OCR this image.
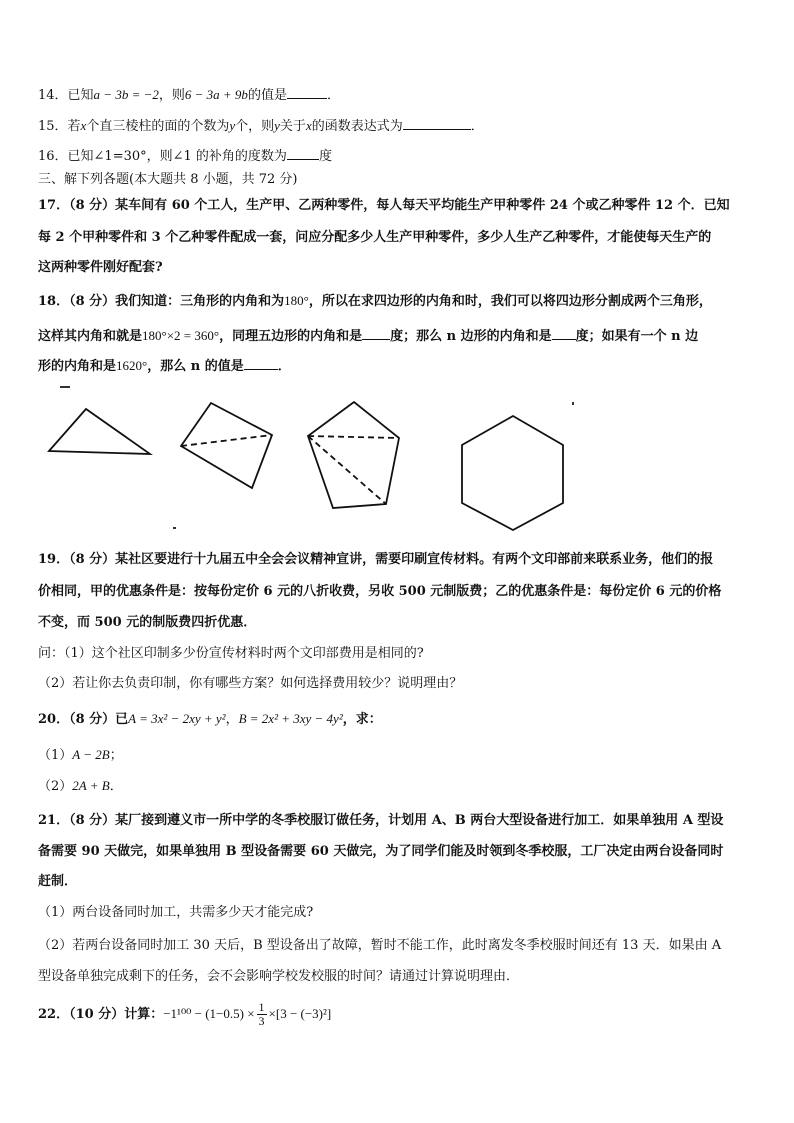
14．已知a − 3b = −2，则6 − 3a + 9b的值是	．
15．若x个直三棱柱的面的个数为y个，则y关于x的函数表达式为	．
16．已知∠1=30°，则∠1 的补角的度数为 度
三、解下列各题(本大题共 8 小题，共 72 分)
17．（8 分）某车间有 60 个工人，生产甲、乙两种零件，每人每天平均能生产甲种零件 24 个或乙种零件 12 个．已知
每 2 个甲种零件和 3 个乙种零件配成一套，问应分配多少人生产甲种零件，多少人生产乙种零件，才能使每天生产的
这两种零件刚好配套?
18．（8 分）我们知道：三角形的内角和为180°，所以在求四边形的内角和时，我们可以将四边形分割成两个三角形，
这样其内角和就是180°×2 = 360°，同理五边形的内角和是 度；那么 n 边形的内角和是 度；如果有一个 n 边
形的内角和是1620°，那么 n 的值是	．
19．（8 分）某社区要进行十九届五中全会会议精神宣讲，需要印刷宣传材料。有两个文印部前来联系业务，他们的报
价相同，甲的优惠条件是：按每份定价 6 元的八折收费，另收 500 元制版费；乙的优惠条件是：每份定价 6 元的价格
不变，而 500 元的制版费四折优惠．
问：（1）这个社区印制多少份宣传材料时两个文印部费用是相同的?
（2）若让你去负责印制，你有哪些方案？如何选择费用较少？说明理由？
20．（8 分）已A = 3x² − 2xy + y²，B = 2x² + 3xy − 4y²，求：
（1）A − 2B；
（2）2A + B．
21．（8 分）某厂接到遵义市一所中学的冬季校服订做任务，计划用 A、B 两台大型设备进行加工．如果单独用 A 型设
备需要 90 天做完，如果单独用 B 型设备需要 60 天做完，为了同学们能及时领到冬季校服，工厂决定由两台设备同时
赶制．
（1）两台设备同时加工，共需多少天才能完成?
（2）若两台设备同时加工 30 天后，B 型设备出了故障，暂时不能工作，此时离发冬季校服时间还有 13 天．如果由 A
型设备单独完成剩下的任务，会不会影响学校发校服的时间？请通过计算说明理由．
22．（10 分）计算：$-1^{100} - (1-0.5) \times \frac{1}{3} \times[3 - (-3)^2]$
